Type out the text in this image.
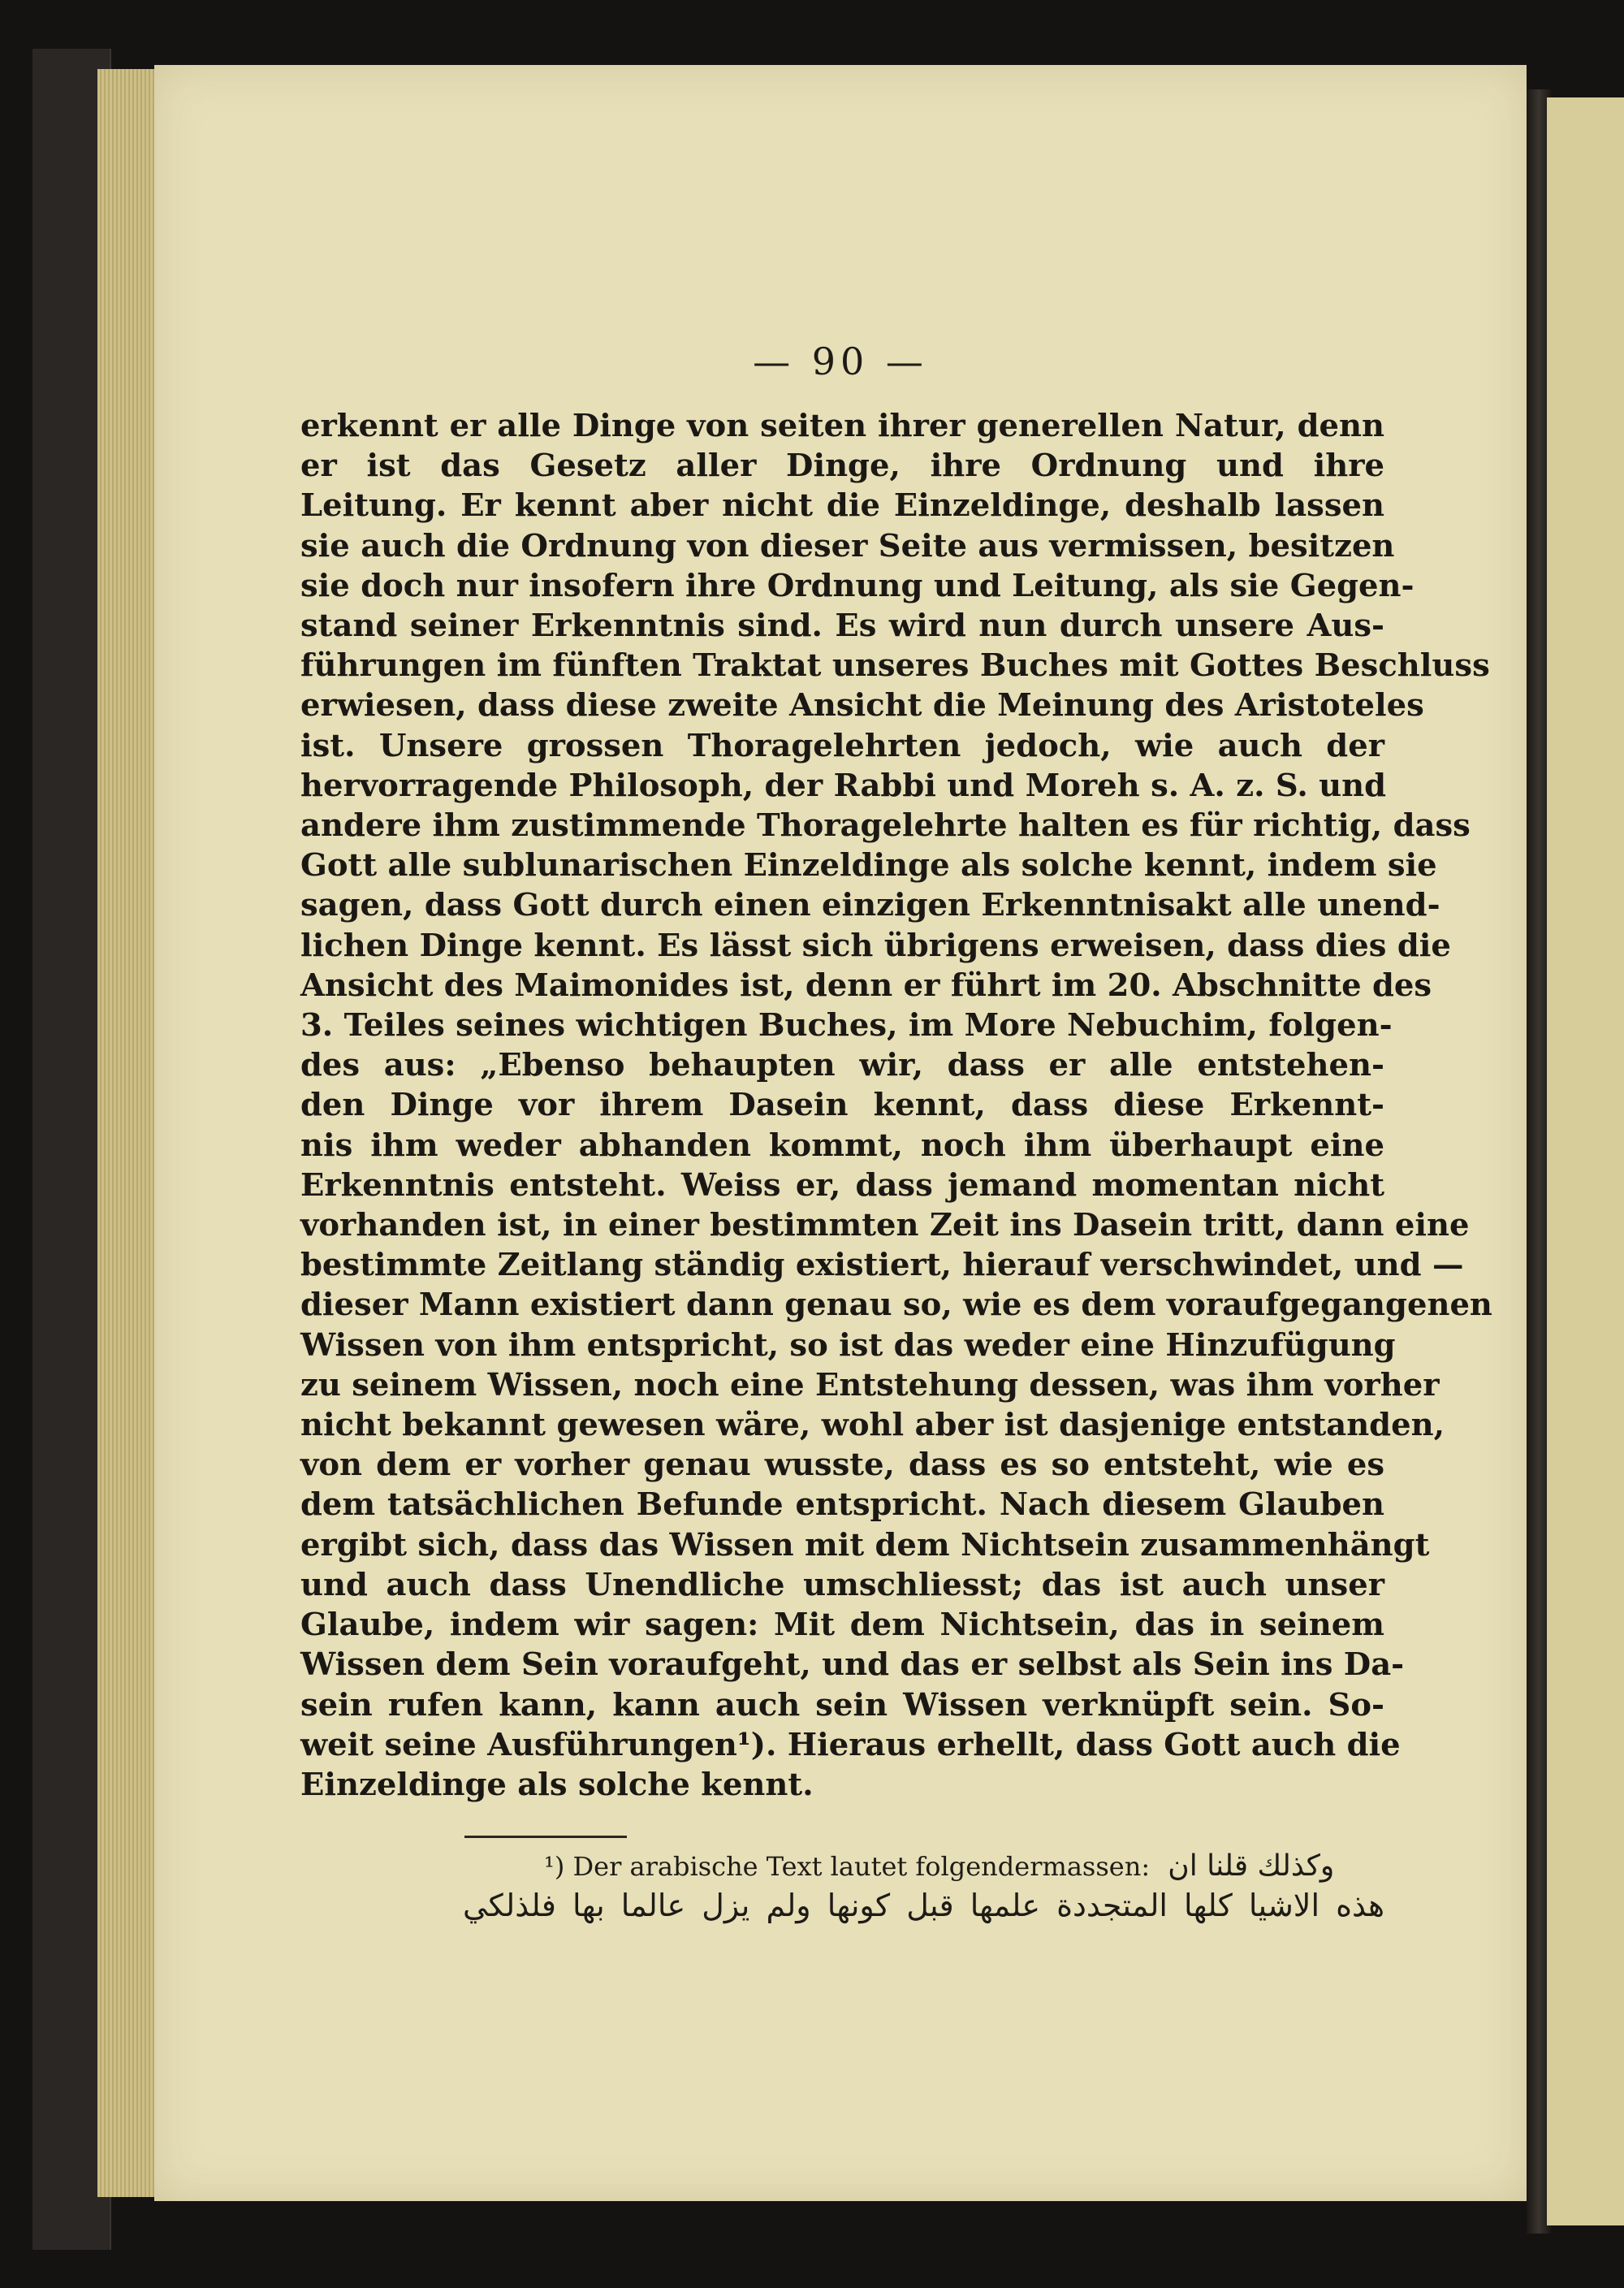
— 90 —
erkennt er alle Dinge von seiten ihrer generellen Natur, denn
er ist das Gesetz aller Dinge, ihre Ordnung und ihre
Leitung. Er kennt aber nicht die Einzeldinge, deshalb lassen
sie auch die Ordnung von dieser Seite aus vermissen, besitzen
sie doch nur insofern ihre Ordnung und Leitung, als sie Gegen-
stand seiner Erkenntnis sind. Es wird nun durch unsere Aus-
führungen im fünften Traktat unseres Buches mit Gottes Beschluss
erwiesen, dass diese zweite Ansicht die Meinung des Aristoteles
ist. Unsere grossen Thoragelehrten jedoch, wie auch der
hervorragende Philosoph, der Rabbi und Moreh s. A. z. S. und
andere ihm zustimmende Thoragelehrte halten es für richtig, dass
Gott alle sublunarischen Einzeldinge als solche kennt, indem sie
sagen, dass Gott durch einen einzigen Erkenntnisakt alle unend-
lichen Dinge kennt. Es lässt sich übrigens erweisen, dass dies die
Ansicht des Maimonides ist, denn er führt im 20. Abschnitte des
3. Teiles seines wichtigen Buches, im More Nebuchim, folgen-
des aus: „Ebenso behaupten wir, dass er alle entstehen-
den Dinge vor ihrem Dasein kennt, dass diese Erkennt-
nis ihm weder abhanden kommt, noch ihm überhaupt eine
Erkenntnis entsteht. Weiss er, dass jemand momentan nicht
vorhanden ist, in einer bestimmten Zeit ins Dasein tritt, dann eine
bestimmte Zeitlang ständig existiert, hierauf verschwindet, und —
dieser Mann existiert dann genau so, wie es dem voraufgegangenen
Wissen von ihm entspricht, so ist das weder eine Hinzufügung
zu seinem Wissen, noch eine Entstehung dessen, was ihm vorher
nicht bekannt gewesen wäre, wohl aber ist dasjenige entstanden,
von dem er vorher genau wusste, dass es so entsteht, wie es
dem tatsächlichen Befunde entspricht. Nach diesem Glauben
ergibt sich, dass das Wissen mit dem Nichtsein zusammenhängt
und auch dass Unendliche umschliesst; das ist auch unser
Glaube, indem wir sagen: Mit dem Nichtsein, das in seinem
Wissen dem Sein voraufgeht, und das er selbst als Sein ins Da-
sein rufen kann, kann auch sein Wissen verknüpft sein. So-
weit seine Ausführungen¹). Hieraus erhellt, dass Gott auch die
Einzeldinge als solche kennt.
¹) Der arabische Text lautet folgendermassen: وكذلك قلنا ان
هذه الاشيا كلها المتجددة علمها قبل كونها ولم يزل عالما بها فلذلكي
